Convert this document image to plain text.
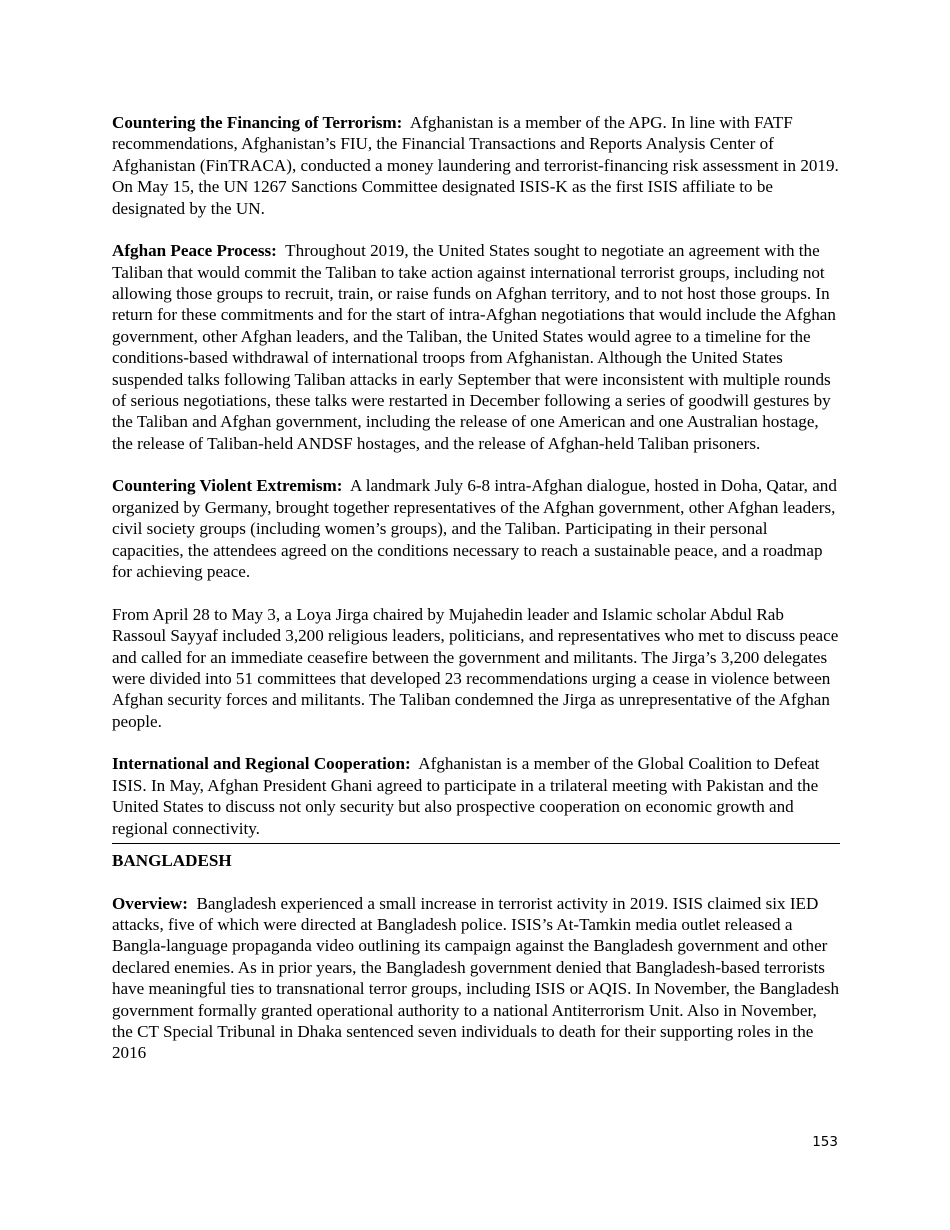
Countering the Financing of Terrorism: Afghanistan is a member of the APG. In line with FATF recommendations, Afghanistan’s FIU, the Financial Transactions and Reports Analysis Center of Afghanistan (FinTRACA), conducted a money laundering and terrorist-financing risk assessment in 2019. On May 15, the UN 1267 Sanctions Committee designated ISIS-K as the first ISIS affiliate to be designated by the UN.

Afghan Peace Process: Throughout 2019, the United States sought to negotiate an agreement with the Taliban that would commit the Taliban to take action against international terrorist groups, including not allowing those groups to recruit, train, or raise funds on Afghan territory, and to not host those groups. In return for these commitments and for the start of intra-Afghan negotiations that would include the Afghan government, other Afghan leaders, and the Taliban, the United States would agree to a timeline for the conditions-based withdrawal of international troops from Afghanistan. Although the United States suspended talks following Taliban attacks in early September that were inconsistent with multiple rounds of serious negotiations, these talks were restarted in December following a series of goodwill gestures by the Taliban and Afghan government, including the release of one American and one Australian hostage, the release of Taliban-held ANDSF hostages, and the release of Afghan-held Taliban prisoners.

Countering Violent Extremism: A landmark July 6-8 intra-Afghan dialogue, hosted in Doha, Qatar, and organized by Germany, brought together representatives of the Afghan government, other Afghan leaders, civil society groups (including women’s groups), and the Taliban. Participating in their personal capacities, the attendees agreed on the conditions necessary to reach a sustainable peace, and a roadmap for achieving peace.

From April 28 to May 3, a Loya Jirga chaired by Mujahedin leader and Islamic scholar Abdul Rab Rassoul Sayyaf included 3,200 religious leaders, politicians, and representatives who met to discuss peace and called for an immediate ceasefire between the government and militants. The Jirga’s 3,200 delegates were divided into 51 committees that developed 23 recommendations urging a cease in violence between Afghan security forces and militants. The Taliban condemned the Jirga as unrepresentative of the Afghan people.

International and Regional Cooperation: Afghanistan is a member of the Global Coalition to Defeat ISIS. In May, Afghan President Ghani agreed to participate in a trilateral meeting with Pakistan and the United States to discuss not only security but also prospective cooperation on economic growth and regional connectivity.

BANGLADESH

Overview: Bangladesh experienced a small increase in terrorist activity in 2019. ISIS claimed six IED attacks, five of which were directed at Bangladesh police. ISIS’s At-Tamkin media outlet released a Bangla-language propaganda video outlining its campaign against the Bangladesh government and other declared enemies. As in prior years, the Bangladesh government denied that Bangladesh-based terrorists have meaningful ties to transnational terror groups, including ISIS or AQIS. In November, the Bangladesh government formally granted operational authority to a national Antiterrorism Unit. Also in November, the CT Special Tribunal in Dhaka sentenced seven individuals to death for their supporting roles in the 2016

153
